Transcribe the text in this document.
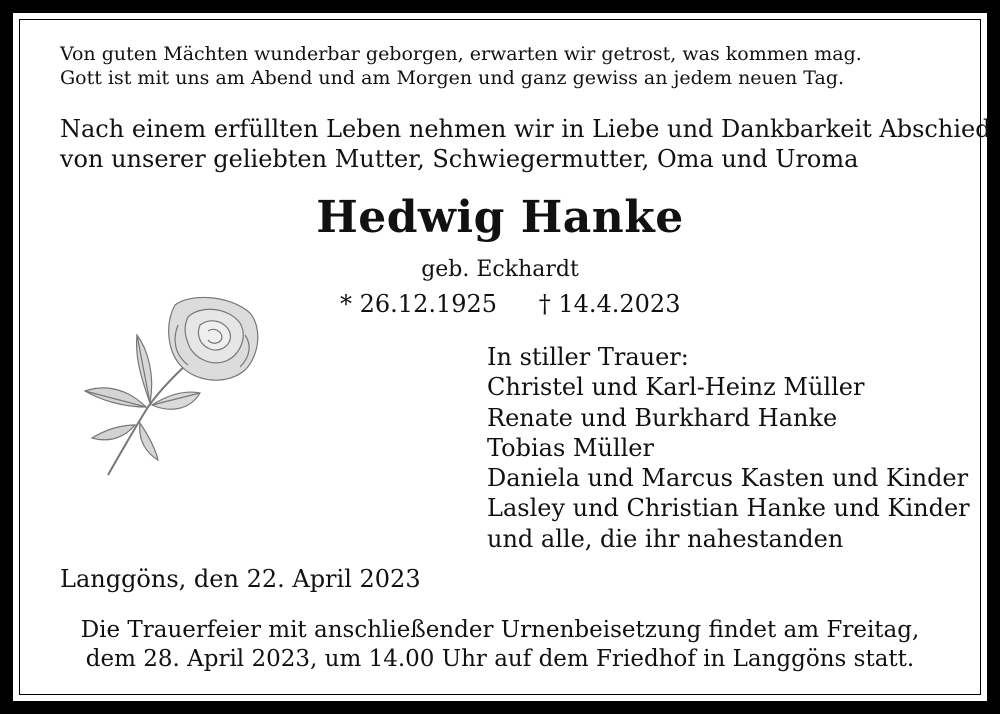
Von guten Mächten wunderbar geborgen, erwarten wir getrost, was kommen mag.
Gott ist mit uns am Abend und am Morgen und ganz gewiss an jedem neuen Tag.
Nach einem erfüllten Leben nehmen wir in Liebe und Dankbarkeit Abschied
von unserer geliebten Mutter, Schwiegermutter, Oma und Uroma
Hedwig Hanke
geb. Eckhardt
* 26.12.1925 † 14.4.2023
In stiller Trauer:
Christel und Karl-Heinz Müller
Renate und Burkhard Hanke
Tobias Müller
Daniela und Marcus Kasten und Kinder
Lasley und Christian Hanke und Kinder
und alle, die ihr nahestanden
Langgöns, den 22. April 2023
Die Trauerfeier mit anschließender Urnenbeisetzung findet am Freitag,
dem 28. April 2023, um 14.00 Uhr auf dem Friedhof in Langgöns statt.
